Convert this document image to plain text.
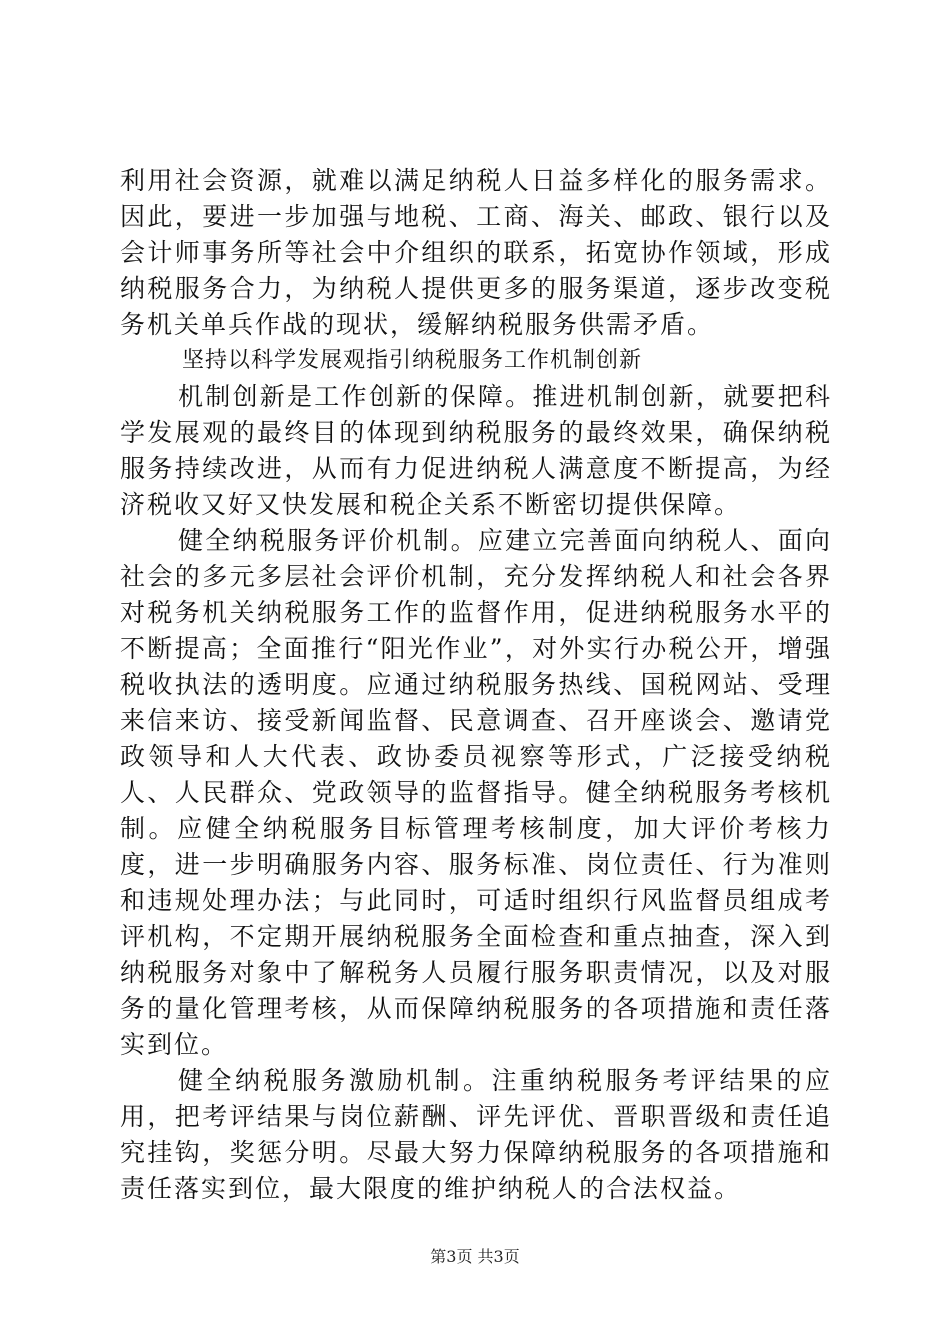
利用社会资源，就难以满足纳税人日益多样化的服务需求。因此，要进一步加强与地税、工商、海关、邮政、银行以及会计师事务所等社会中介组织的联系，拓宽协作领域，形成纳税服务合力，为纳税人提供更多的服务渠道，逐步改变税务机关单兵作战的现状，缓解纳税服务供需矛盾。

坚持以科学发展观指引纳税服务工作机制创新

机制创新是工作创新的保障。推进机制创新，就要把科学发展观的最终目的体现到纳税服务的最终效果，确保纳税服务持续改进，从而有力促进纳税人满意度不断提高，为经济税收又好又快发展和税企关系不断密切提供保障。

健全纳税服务评价机制。应建立完善面向纳税人、面向社会的多元多层社会评价机制，充分发挥纳税人和社会各界对税务机关纳税服务工作的监督作用，促进纳税服务水平的不断提高；全面推行“阳光作业”，对外实行办税公开，增强税收执法的透明度。应通过纳税服务热线、国税网站、受理来信来访、接受新闻监督、民意调查、召开座谈会、邀请党政领导和人大代表、政协委员视察等形式，广泛接受纳税人、人民群众、党政领导的监督指导。健全纳税服务考核机制。应健全纳税服务目标管理考核制度，加大评价考核力度，进一步明确服务内容、服务标准、岗位责任、行为准则和违规处理办法；与此同时，可适时组织行风监督员组成考评机构，不定期开展纳税服务全面检查和重点抽查，深入到纳税服务对象中了解税务人员履行服务职责情况，以及对服务的量化管理考核，从而保障纳税服务的各项措施和责任落实到位。

健全纳税服务激励机制。注重纳税服务考评结果的应用，把考评结果与岗位薪酬、评先评优、晋职晋级和责任追究挂钩，奖惩分明。尽最大努力保障纳税服务的各项措施和责任落实到位，最大限度的维护纳税人的合法权益。

第3页 共3页
